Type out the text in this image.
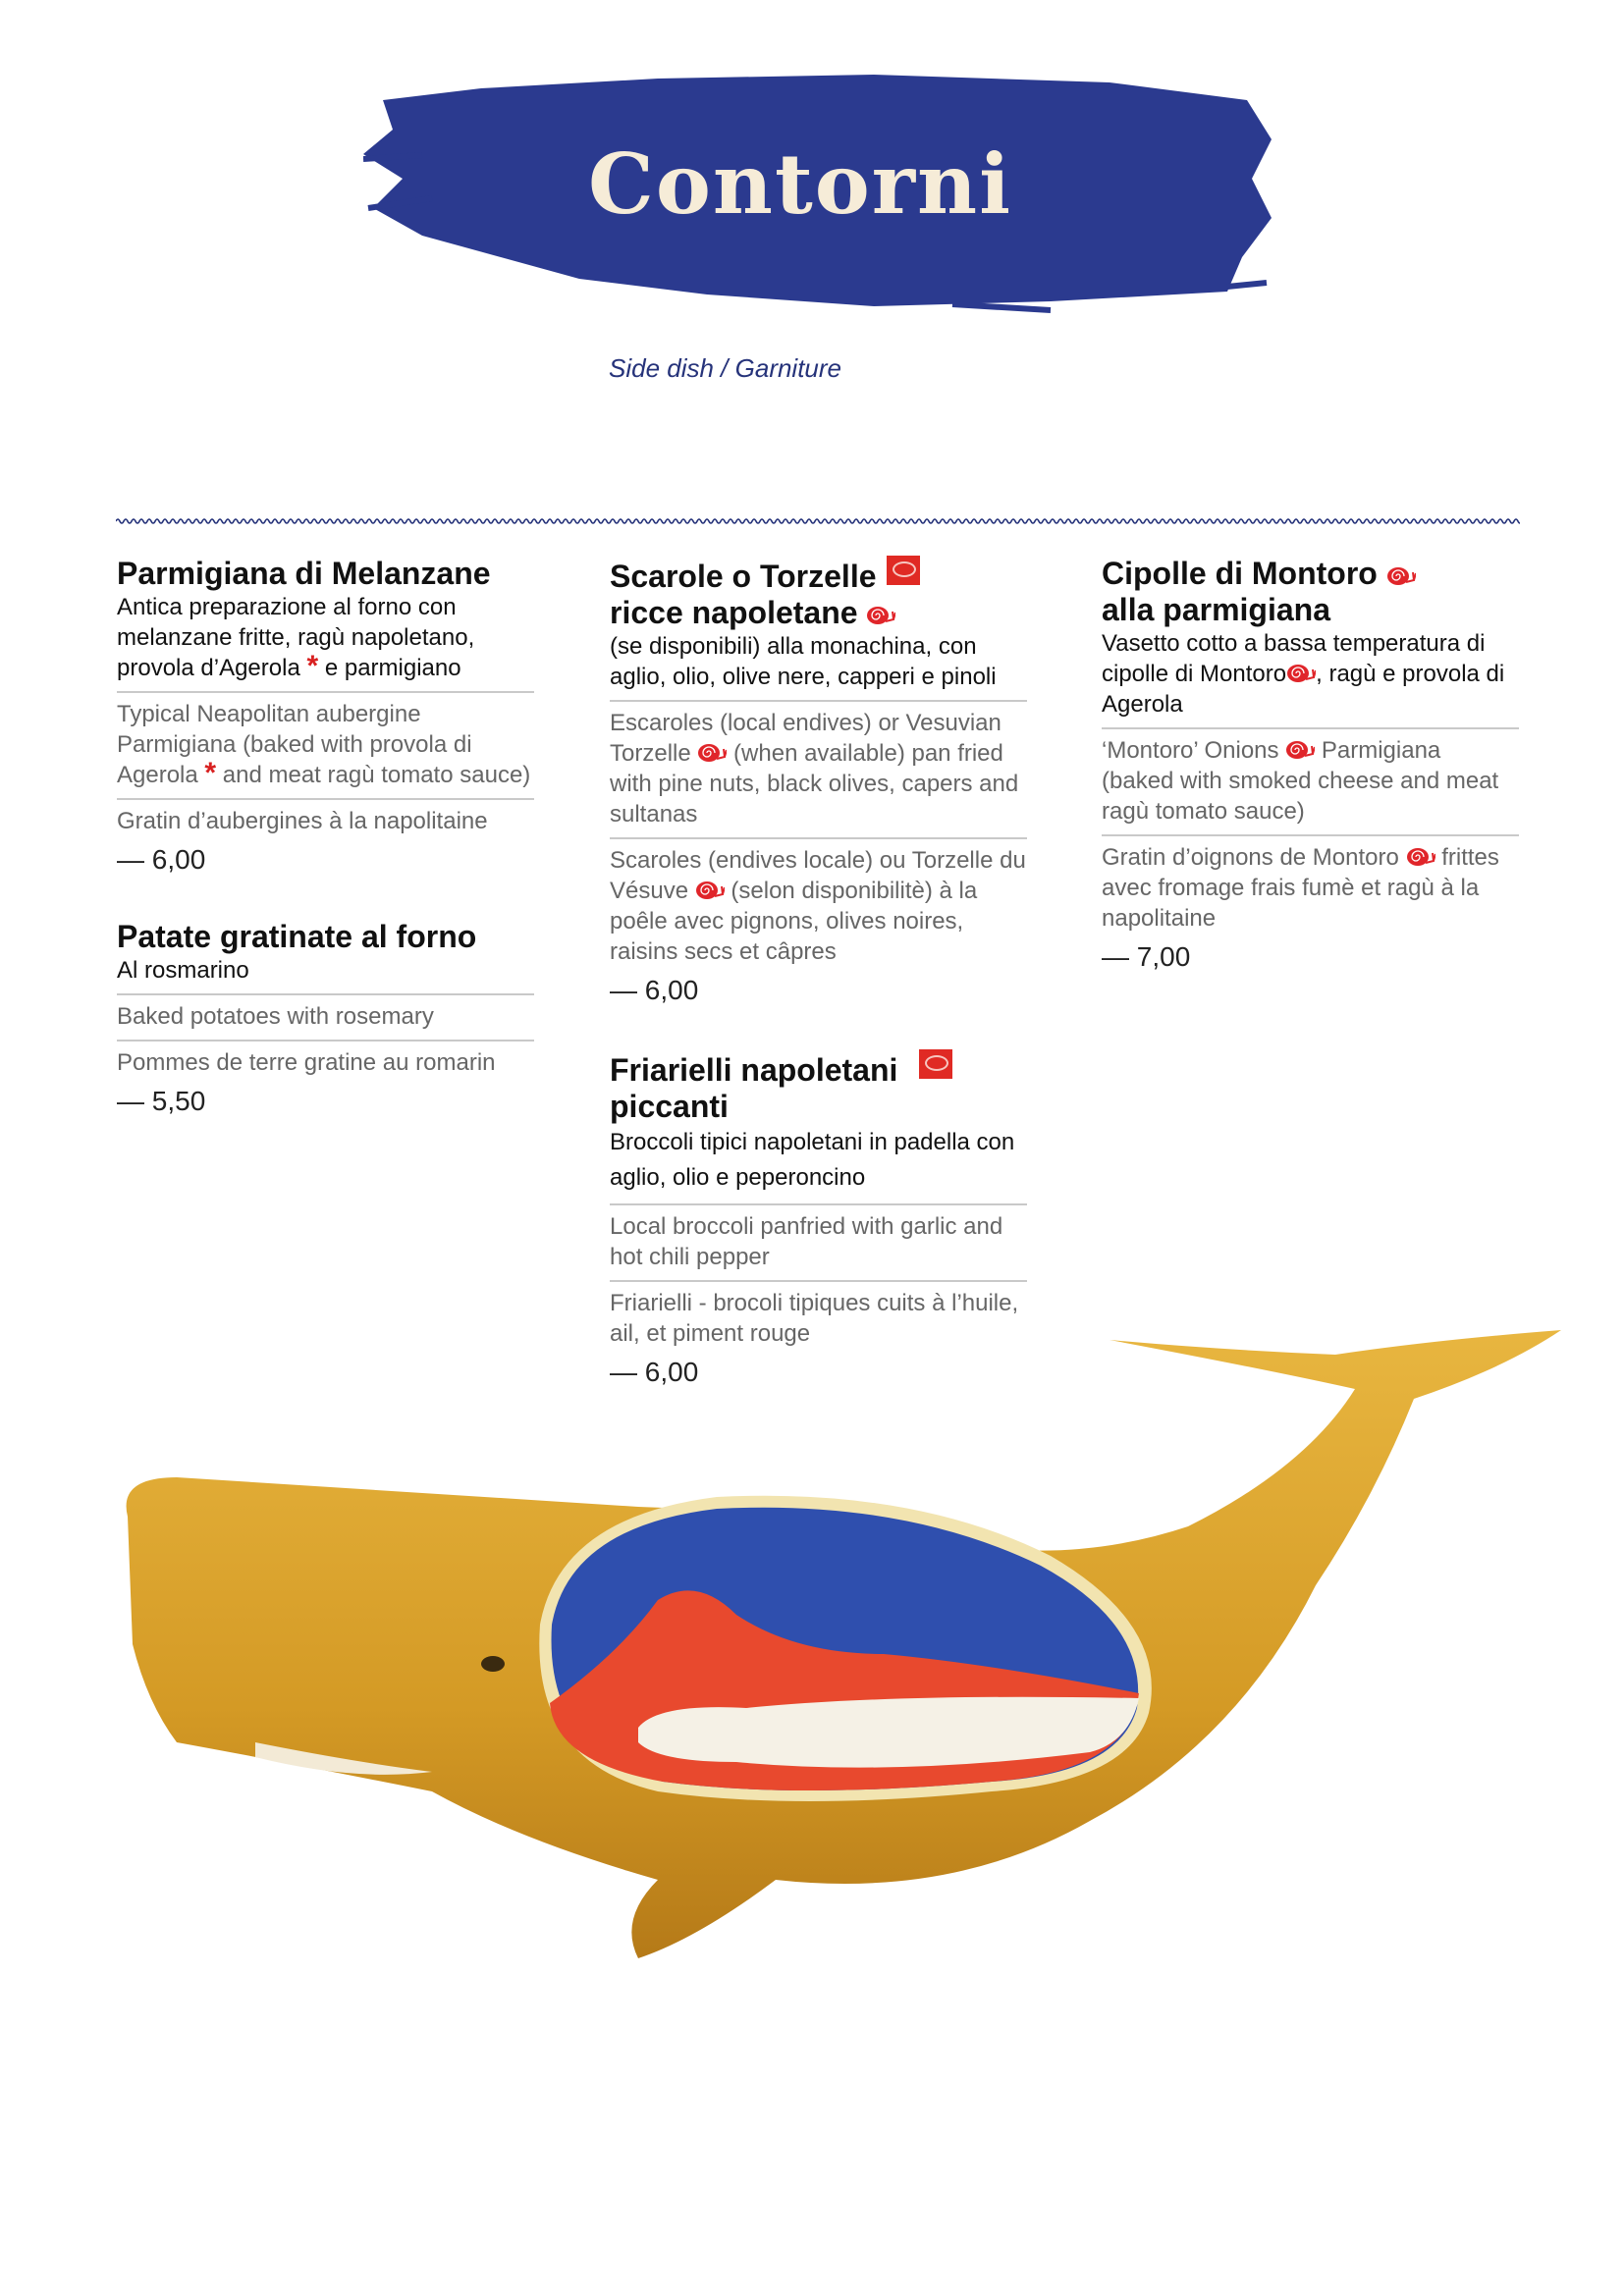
Contorni
Side dish / Garniture
Parmigiana di Melanzane
Antica preparazione al forno con melanzane fritte, ragù napoletano, provola d’Agerola * e parmigiano
Typical Neapolitan aubergine Parmigiana (baked with provola di Agerola * and meat ragù tomato sauce)
Gratin d’aubergines à la napolitaine
— 6,00
Patate gratinate al forno
Al rosmarino
Baked potatoes with rosemary
Pommes de terre gratine au romarin
— 5,50
Scarole o Torzelle
ricce napoletane
(se disponibili) alla monachina, con aglio, olio, olive nere, capperi e pinoli
Escaroles (local endives) or Vesuvian Torzelle (when available) pan fried with pine nuts, black olives, capers and sultanas
Scaroles (endives locale) ou Torzelle du Vésuve (selon disponibilitè) à la poêle avec pignons, olives noires, raisins secs et câpres
— 6,00
Friarielli napoletani
piccanti
Broccoli tipici napoletani in padella con aglio, olio e peperoncino
Local broccoli panfried with garlic and hot chili pepper
Friarielli - brocoli tipiques cuits à l’huile, ail, et piment rouge
— 6,00
Cipolle di Montoro
alla parmigiana
Vasetto cotto a bassa temperatura di cipolle di Montoro , ragù e provola di Agerola
‘Montoro’ Onions Parmigiana (baked with smoked cheese and meat ragù tomato sauce)
Gratin d’oignons de Montoro frittes avec fromage frais fumè et ragù à la napolitaine
— 7,00
